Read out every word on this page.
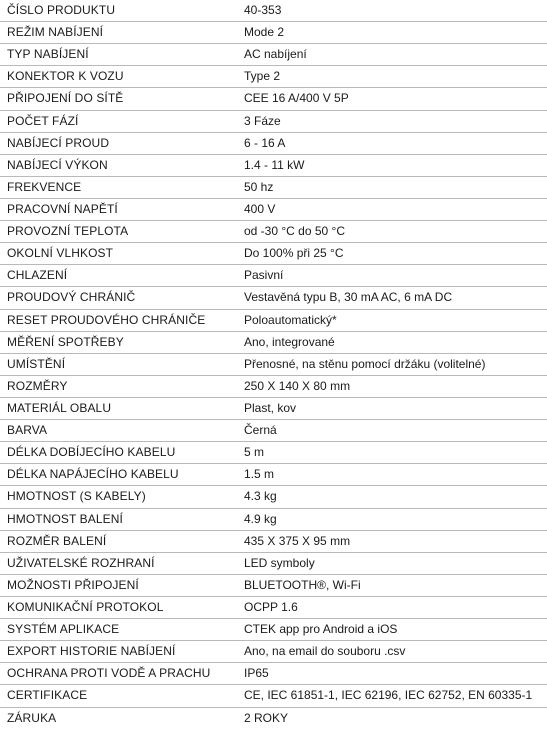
ČÍSLO PRODUKTU	40-353
REŽIM NABÍJENÍ	Mode 2
TYP NABÍJENÍ	AC nabíjení
KONEKTOR K VOZU	Type 2
PŘIPOJENÍ DO SÍTĚ	CEE 16 A/400 V 5P
POČET FÁZÍ	3 Fáze
NABÍJECÍ PROUD	6 - 16 A
NABÍJECÍ VÝKON	1.4 - 11 kW
FREKVENCE	50 hz
PRACOVNÍ NAPĚTÍ	400 V
PROVOZNÍ TEPLOTA	od -30 °C do 50 °C
OKOLNÍ VLHKOST	Do 100% při 25 °C
CHLAZENÍ	Pasivní
PROUDOVÝ CHRÁNIČ	Vestavěná typu B, 30 mA AC, 6 mA DC
RESET PROUDOVÉHO CHRÁNIČE	Poloautomatický*
MĚŘENÍ SPOTŘEBY	Ano, integrované
UMÍSTĚNÍ	Přenosné, na stěnu pomocí držáku (volitelné)
ROZMĚRY	250 X 140 X 80 mm
MATERIÁL OBALU	Plast, kov
BARVA	Černá
DÉLKA DOBÍJECÍHO KABELU	5 m
DÉLKA NAPÁJECÍHO KABELU	1.5 m
HMOTNOST (S KABELY)	4.3 kg
HMOTNOST BALENÍ	4.9 kg
ROZMĚR BALENÍ	435 X 375 X 95 mm
UŽIVATELSKÉ ROZHRANÍ	LED symboly
MOŽNOSTI PŘIPOJENÍ	BLUETOOTH®, Wi-Fi
KOMUNIKAČNÍ PROTOKOL	OCPP 1.6
SYSTÉM APLIKACE	CTEK app pro Android a iOS
EXPORT HISTORIE NABÍJENÍ	Ano, na email do souboru .csv
OCHRANA PROTI VODĚ A PRACHU	IP65
CERTIFIKACE	CE, IEC 61851-1, IEC 62196, IEC 62752, EN 60335-1
ZÁRUKA	2 ROKY
